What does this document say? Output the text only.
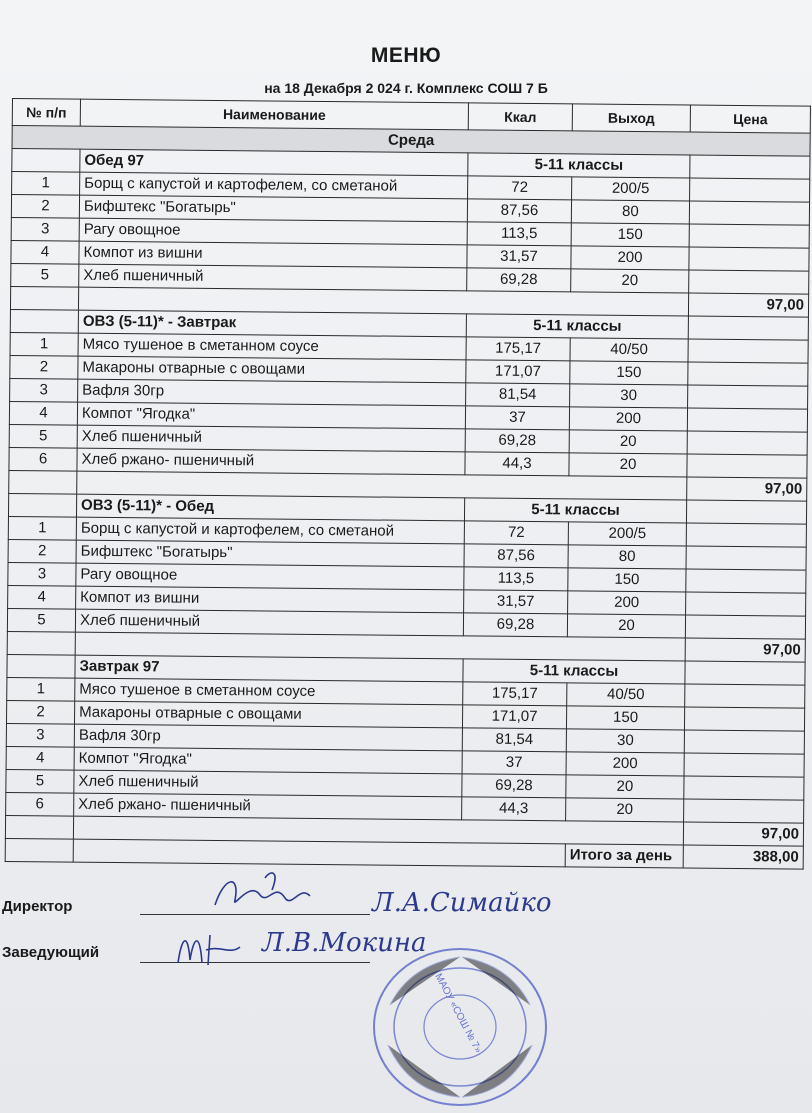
МЕНЮ
на 18 Декабря 2 024 г. Комплекс СОШ 7 Б
№ п/п	Наименование	Ккал	Выход	Цена
Среда				
	Обед 97	5-11 классы		
1	Борщ с капустой и картофелем, со сметаной	72	200/5	
2	Бифштекс "Богатырь"	87,56	80	
3	Рагу овощное	113,5	150	
4	Компот из вишни	31,57	200	
5	Хлеб пшеничный	69,28	20	
				97,00
	ОВЗ (5-11)* - Завтрак	5-11 классы		
1	Мясо тушеное в сметанном соусе	175,17	40/50	
2	Макароны отварные с овощами	171,07	150	
3	Вафля 30гр	81,54	30	
4	Компот "Ягодка"	37	200	
5	Хлеб пшеничный	69,28	20	
6	Хлеб ржано- пшеничный	44,3	20	
				97,00
	ОВЗ (5-11)* - Обед	5-11 классы		
1	Борщ с капустой и картофелем, со сметаной	72	200/5	
2	Бифштекс "Богатырь"	87,56	80	
3	Рагу овощное	113,5	150	
4	Компот из вишни	31,57	200	
5	Хлеб пшеничный	69,28	20	
				97,00
	Завтрак 97	5-11 классы		
1	Мясо тушеное в сметанном соусе	175,17	40/50	
2	Макароны отварные с овощами	171,07	150	
3	Вафля 30гр	81,54	30	
4	Компот "Ягодка"	37	200	
5	Хлеб пшеничный	69,28	20	
6	Хлеб ржано- пшеничный	44,3	20	
				97,00
			Итого за день	388,00
Директор	Л.А.Симайко
Заведующий	Л.В.Мокина
МАОУ «СОШ № 7»
